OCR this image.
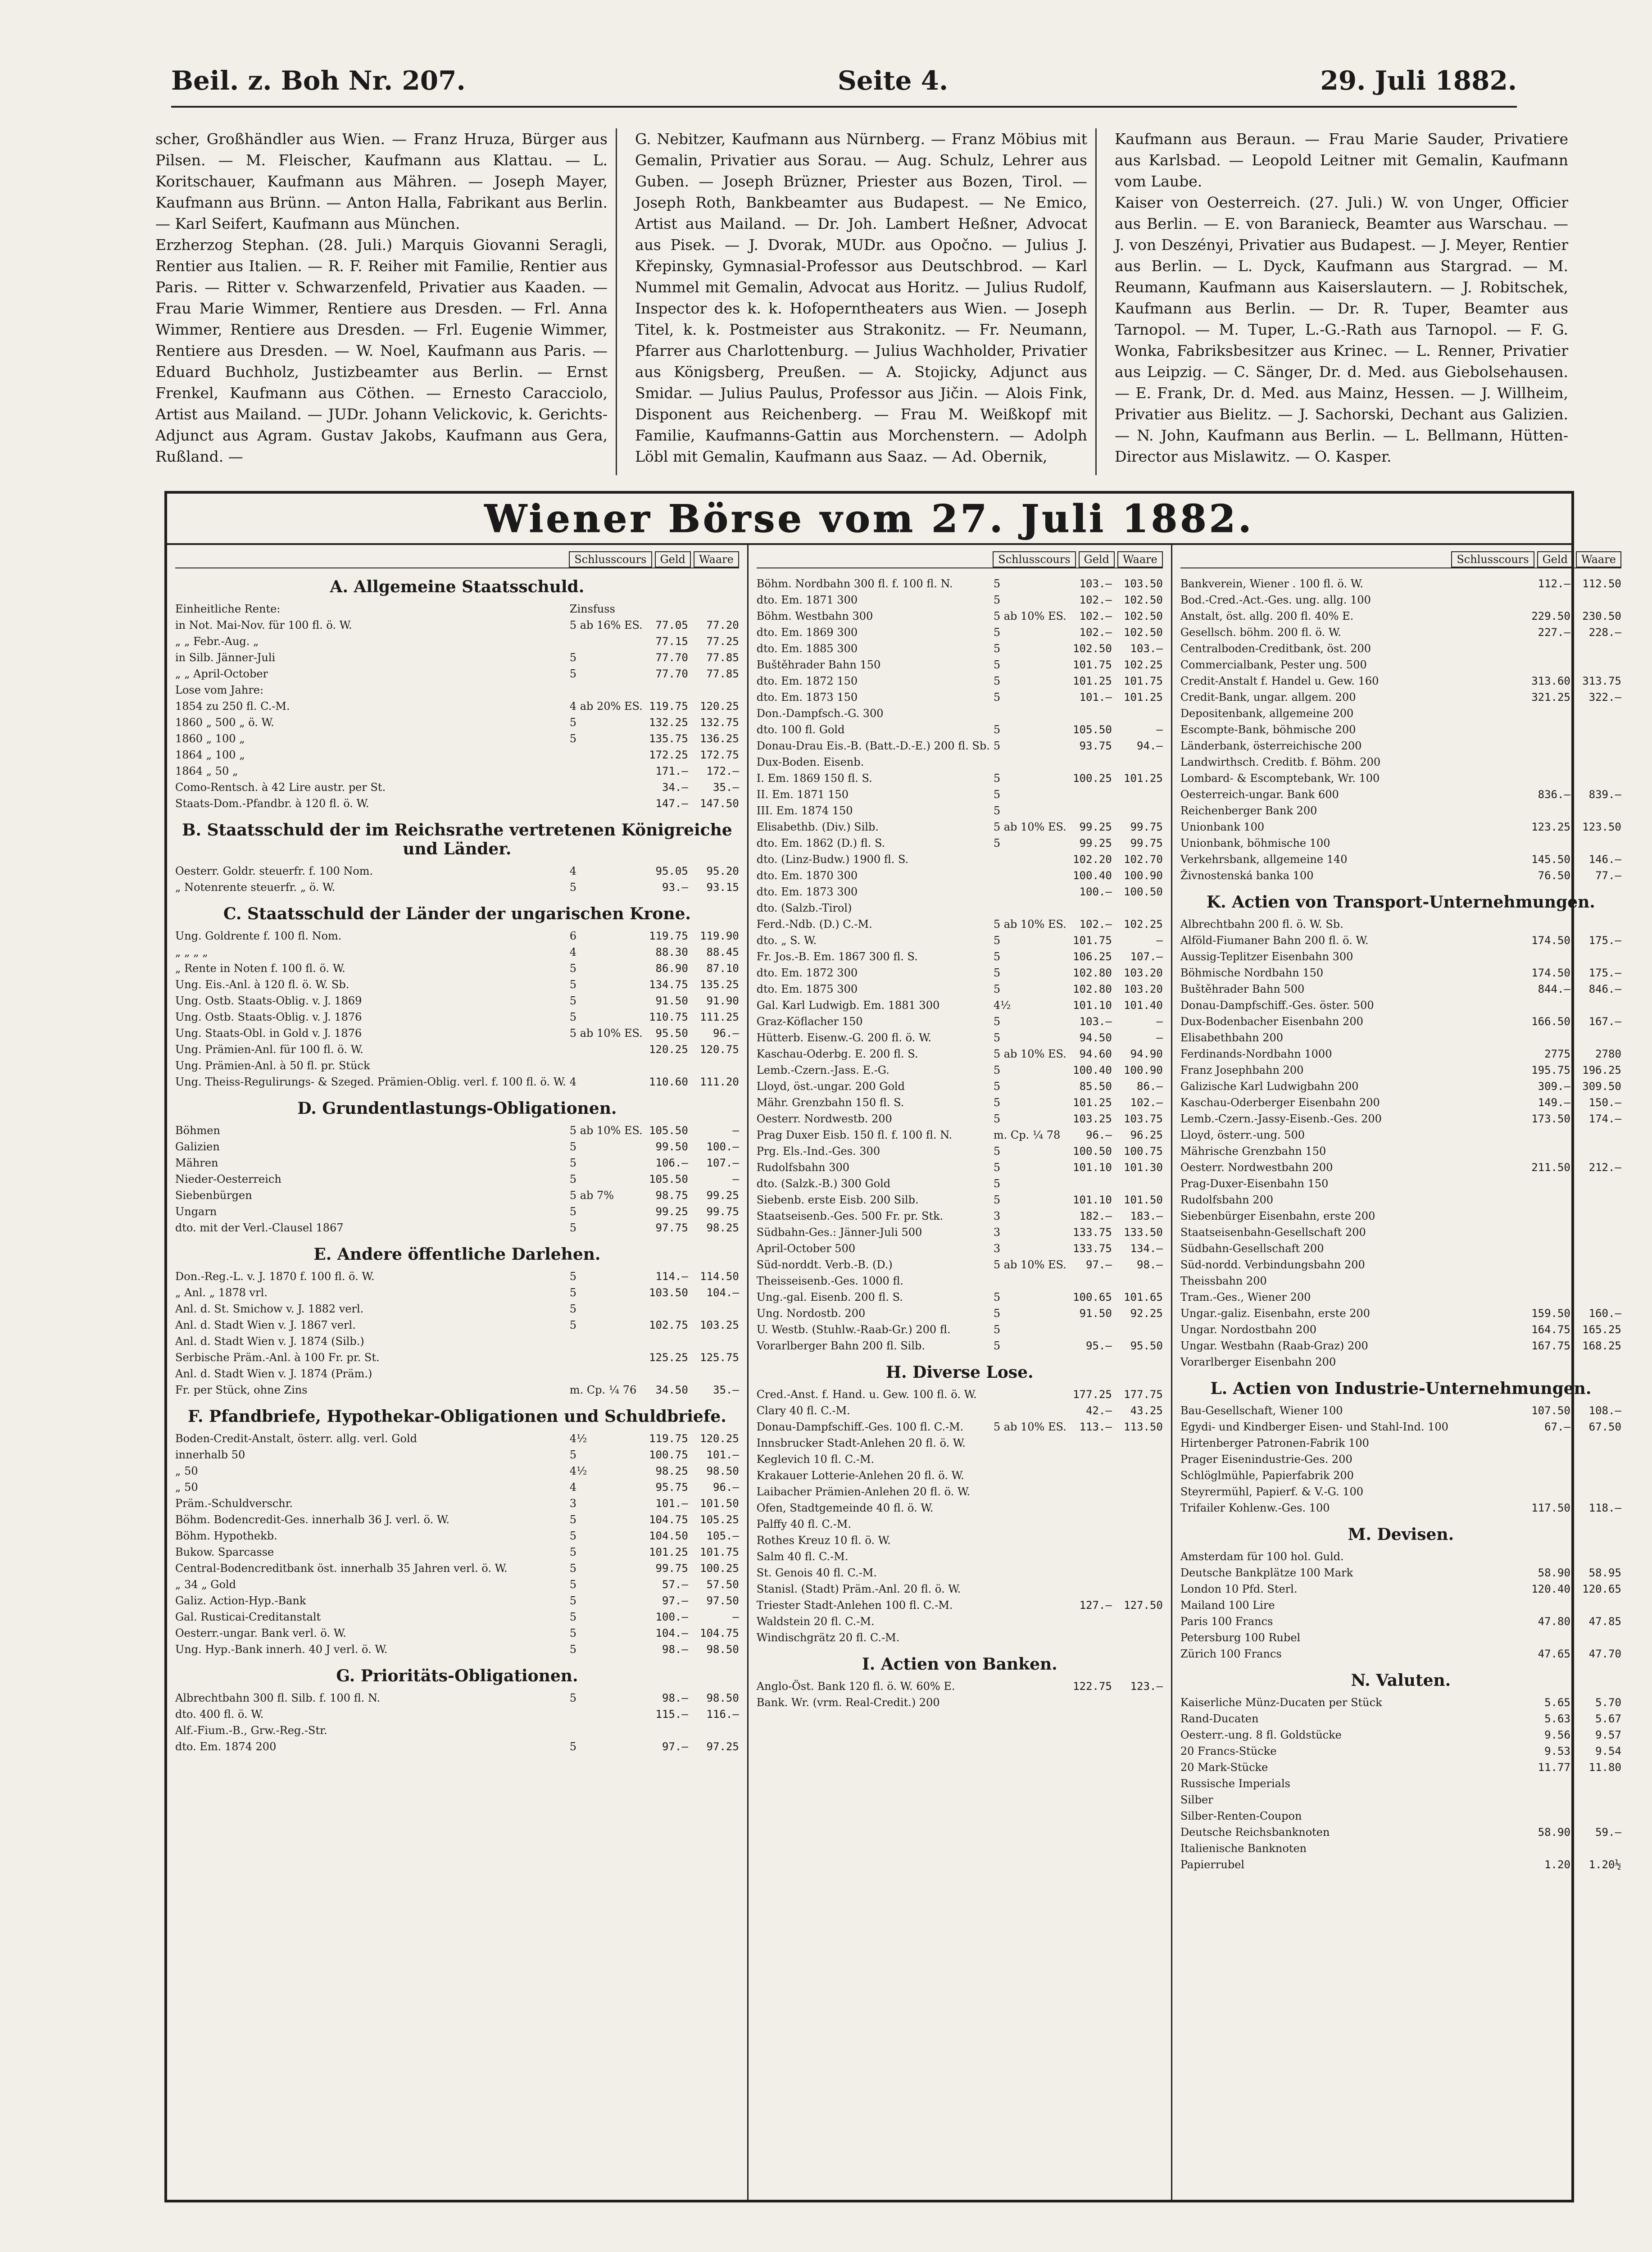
Beil. z. Boh Nr. 207.	Seite 4.	29. Juli 1882.

scher, Großhändler aus Wien. — Franz Hruza, Bürger aus Pilsen. — M. Fleischer, Kaufmann aus Klattau. — L. Koritschauer, Kaufmann aus Mähren. — Joseph Mayer, Kaufmann aus Brünn. — Anton Halla, Fabrikant aus Berlin. — Karl Seifert, Kaufmann aus München.

Erzherzog Stephan. (28. Juli.) Marquis Giovanni Seragli, Rentier aus Italien. — R. F. Reiher mit Familie, Rentier aus Paris. — Ritter v. Schwarzenfeld, Privatier aus Kaaden. — Frau Marie Wimmer, Rentiere aus Dresden. — Frl. Anna Wimmer, Rentiere aus Dresden. — Frl. Eugenie Wimmer, Rentiere aus Dresden. — W. Noel, Kaufmann aus Paris. — Eduard Buchholz, Justizbeamter aus Berlin. — Ernst Frenkel, Kaufmann aus Cöthen. — Ernesto Caracciolo, Artist aus Mailand. — JUDr. Johann Velickovic, k. Gerichts-Adjunct aus Agram. Gustav Jakobs, Kaufmann aus Gera, Rußland. —

G. Nebitzer, Kaufmann aus Nürnberg. — Franz Möbius mit Gemalin, Privatier aus Sorau. — Aug. Schulz, Lehrer aus Guben. — Joseph Brüzner, Priester aus Bozen, Tirol. — Joseph Roth, Bankbeamter aus Budapest. — Ne Emico, Artist aus Mailand. — Dr. Joh. Lambert Heßner, Advocat aus Pisek. — J. Dvorak, MUDr. aus Opočno. — Julius J. Křepinsky, Gymnasial-Professor aus Deutschbrod. — Karl Nummel mit Gemalin, Advocat aus Horitz. — Julius Rudolf, Inspector des k. k. Hofoperntheaters aus Wien. — Joseph Titel, k. k. Postmeister aus Strakonitz. — Fr. Neumann, Pfarrer aus Charlottenburg. — Julius Wachholder, Privatier aus Königsberg, Preußen. — A. Stojicky, Adjunct aus Smidar. — Julius Paulus, Professor aus Jičin. — Alois Fink, Disponent aus Reichenberg. — Frau M. Weißkopf mit Familie, Kaufmanns-Gattin aus Morchenstern. — Adolph Löbl mit Gemalin, Kaufmann aus Saaz. — Ad. Obernik,

Kaufmann aus Beraun. — Frau Marie Sauder, Privatiere aus Karlsbad. — Leopold Leitner mit Gemalin, Kaufmann vom Laube.

Kaiser von Oesterreich. (27. Juli.) W. von Unger, Officier aus Berlin. — E. von Baranieck, Beamter aus Warschau. — J. von Deszényi, Privatier aus Budapest. — J. Meyer, Rentier aus Berlin. — L. Dyck, Kaufmann aus Stargrad. — M. Reumann, Kaufmann aus Kaiserslautern. — J. Robitschek, Kaufmann aus Berlin. — Dr. R. Tuper, Beamter aus Tarnopol. — M. Tuper, L.-G.-Rath aus Tarnopol. — F. G. Wonka, Fabriksbesitzer aus Krinec. — L. Renner, Privatier aus Leipzig. — C. Sänger, Dr. d. Med. aus Giebolsehausen. — E. Frank, Dr. d. Med. aus Mainz, Hessen. — J. Willheim, Privatier aus Bielitz. — J. Sachorski, Dechant aus Galizien. — N. John, Kaufmann aus Berlin. — L. Bellmann, Hütten-Director aus Mislawitz. — O. Kasper.

Wiener Börse vom 27. Juli 1882.
Schlusscours	Geld	Waare
A. Allgemeine Staatsschuld.
Einheitliche Rente:	Zinsfuss
in Not. Mai-Nov. für 100 fl. ö. W.	5 ab 16% ES.	77.05	77.20
„ „ Febr.-Aug. „	77.15	77.25
in Silb. Jänner-Juli	5	77.70	77.85
„ „ April-October	5	77.70	77.85
Lose vom Jahre:
1854 zu 250 fl. C.-M.	4 ab 20% ES. 119.75	120.25
1860 „ 500 „ ö. W.	5	132.25	132.75
1860 „ 100 „	5	135.75	136.25
1864 „ 100 „	172.25	172.75
1864 „ 50 „	171.—	172.—
Como-Rentsch. à 42 Lire austr. per St.	34.—	35.—
Staats-Dom.-Pfandbr. à 120 fl. ö. W.	147.—	147.50
B. Staatsschuld der im Reichsrathe vertretenen Königreiche und Länder.
Oesterr. Goldr. steuerfr. f. 100 Nom.	4	95.05	95.20
„ Notenrente steuerfr. „ ö. W.	5	93.—	93.15
C. Staatsschuld der Länder der ungarischen Krone.
Ung. Goldrente f. 100 fl. Nom.	6	119.75	119.90
„ „ „ „	4	88.30	88.45
„ Rente in Noten f. 100 fl. ö. W.	5	86.90	87.10
Ung. Eis.-Anl. à 120 fl. ö. W. Sb.	5	134.75	135.25
Ung. Ostb. Staats-Oblig. v. J. 1869	5	91.50	91.90
Ung. Ostb. Staats-Oblig. v. J. 1876	5	110.75	111.25
Ung. Staats-Obl. in Gold v. J. 1876	5 ab 10% ES.	95.50	96.—
Ung. Prämien-Anl. für 100 fl. ö. W.	120.25	120.75
Ung. Prämien-Anl. à 50 fl. pr. Stück
Ung. Theiss-Regulirungs- & Szeged. Prämien-Oblig. verl. f. 100 fl. ö. W. 4	110.60	111.20
D. Grundentlastungs-Obligationen.
Böhmen	5 ab 10% ES. 105.50	—
Galizien	5	99.50	100.—
Mähren	5	106.—	107.—
Nieder-Oesterreich	5	105.50	—
Siebenbürgen	5 ab 7%	98.75	99.25
Ungarn	5	99.25	99.75
dto. mit der Verl.-Clausel 1867	5	97.75	98.25
E. Andere öffentliche Darlehen.
Don.-Reg.-L. v. J. 1870 f. 100 fl. ö. W.	5	114.—	114.50
„ Anl. „ 1878 vrl.	5	103.50	104.—
Anl. d. St. Smichow v. J. 1882 verl.	5
Anl. d. Stadt Wien v. J. 1867 verl.	5	102.75	103.25
Anl. d. Stadt Wien v. J. 1874 (Silb.)
Serbische Präm.-Anl. à 100 Fr. pr. St.	125.25	125.75
Anl. d. Stadt Wien v. J. 1874 (Präm.)
Fr. per Stück, ohne Zins	m. Cp. ¼ 76	34.50	35.—
F. Pfandbriefe, Hypothekar-Obligationen und Schuldbriefe.
Boden-Credit-Anstalt, österr. allg. verl. Gold	4½	119.75	120.25
innerhalb 50	5	100.75	101.—
„ 50	4½	98.25	98.50
„ 50	4	95.75	96.—
Präm.-Schuldverschr.	3	101.—	101.50
Böhm. Bodencredit-Ges. innerhalb 36 J. verl. ö. W.	5	104.75	105.25
Böhm. Hypothekb.	5	104.50	105.—
Bukow. Sparcasse	5	101.25	101.75
Central-Bodencreditbank öst. innerhalb 35 Jahren verl. ö. W.	5	99.75	100.25
„ 34 „ Gold	5	57.—	57.50
Galiz. Action-Hyp.-Bank	5	97.—	97.50
Gal. Rusticai-Creditanstalt	5	100.—	—
Oesterr.-ungar. Bank verl. ö. W.	5	104.—	104.75
Ung. Hyp.-Bank innerh. 40 J verl. ö. W.	5	98.—	98.50
G. Prioritäts-Obligationen.
Albrechtbahn 300 fl. Silb. f. 100 fl. N.	5	98.—	98.50
dto. 400 fl. ö. W.	115.—	116.—
Alf.-Fium.-B., Grw.-Reg.-Str.
dto. Em. 1874 200	5	97.—	97.25
Schlusscours	Geld	Waare
Böhm. Nordbahn 300 fl. f. 100 fl. N.	5	103.—	103.50
dto. Em. 1871 300	5	102.—	102.50
Böhm. Westbahn 300	5 ab 10% ES.	102.—	102.50
dto. Em. 1869 300	5	102.—	102.50
dto. Em. 1885 300	5	102.50	103.—
Buštěhrader Bahn 150	5	101.75	102.25
dto. Em. 1872 150	5	101.25	101.75
dto. Em. 1873 150	5	101.—	101.25
Don.-Dampfsch.-G. 300
dto. 100 fl. Gold	5	105.50	—
Donau-Drau Eis.-B. (Batt.-D.-E.) 200 fl. Sb. 5	93.75	94.—
Dux-Boden. Eisenb.
I. Em. 1869 150 fl. S.	5	100.25	101.25
II. Em. 1871 150	5
III. Em. 1874 150	5
Elisabethb. (Div.) Silb.	5 ab 10% ES.	99.25	99.75
dto. Em. 1862 (D.) fl. S.	5	99.25	99.75
dto. (Linz-Budw.) 1900 fl. S.	102.20	102.70
dto. Em. 1870 300	100.40	100.90
dto. Em. 1873 300	100.—	100.50
dto. (Salzb.-Tirol)
Ferd.-Ndb. (D.) C.-M.	5 ab 10% ES.	102.—	102.25
dto. „ S. W.	5	101.75	—
Fr. Jos.-B. Em. 1867 300 fl. S.	5	106.25	107.—
dto. Em. 1872 300	5	102.80	103.20
dto. Em. 1875 300	5	102.80	103.20
Gal. Karl Ludwigb. Em. 1881 300	4½	101.10	101.40
Graz-Köflacher 150	5	103.—	—
Hütterb. Eisenw.-G. 200 fl. ö. W.	5	94.50	—
Kaschau-Oderbg. E. 200 fl. S.	5 ab 10% ES.	94.60	94.90
Lemb.-Czern.-Jass. E.-G.	5	100.40	100.90
Lloyd, öst.-ungar. 200 Gold	5	85.50	86.—
Mähr. Grenzbahn 150 fl. S.	5	101.25	102.—
Oesterr. Nordwestb. 200	5	103.25	103.75
Prag Duxer Eisb. 150 fl. f. 100 fl. N.	m. Cp. ¼ 78	96.—	96.25
Prg. Els.-Ind.-Ges. 300	5	100.50	100.75
Rudolfsbahn 300	5	101.10	101.30
dto. (Salzk.-B.) 300 Gold	5
Siebenb. erste Eisb. 200 Silb.	5	101.10	101.50
Staatseisenb.-Ges. 500 Fr. pr. Stk.	3	182.—	183.—
Südbahn-Ges.: Jänner-Juli 500	3	133.75	133.50
April-October 500	3	133.75	134.—
Süd-norddt. Verb.-B. (D.)	5 ab 10% ES.	97.—	98.—
Theisseisenb.-Ges. 1000 fl.
Ung.-gal. Eisenb. 200 fl. S.	5	100.65	101.65
Ung. Nordostb. 200	5	91.50	92.25
U. Westb. (Stuhlw.-Raab-Gr.) 200 fl.	5
Vorarlberger Bahn 200 fl. Silb.	5	95.—	95.50
H. Diverse Lose.
Cred.-Anst. f. Hand. u. Gew. 100 fl. ö. W.	177.25	177.75
Clary 40 fl. C.-M.	42.—	43.25
Donau-Dampfschiff.-Ges. 100 fl. C.-M.	5 ab 10% ES.	113.—	113.50
Innsbrucker Stadt-Anlehen 20 fl. ö. W.
Keglevich 10 fl. C.-M.
Krakauer Lotterie-Anlehen 20 fl. ö. W.
Laibacher Prämien-Anlehen 20 fl. ö. W.
Ofen, Stadtgemeinde 40 fl. ö. W.
Palffy 40 fl. C.-M.
Rothes Kreuz 10 fl. ö. W.
Salm 40 fl. C.-M.
St. Genois 40 fl. C.-M.
Stanisl. (Stadt) Präm.-Anl. 20 fl. ö. W.
Triester Stadt-Anlehen 100 fl. C.-M.	127.—	127.50
Waldstein 20 fl. C.-M.
Windischgrätz 20 fl. C.-M.
I. Actien von Banken.
Anglo-Öst. Bank 120 fl. ö. W. 60% E.	122.75	123.—
Bank. Wr. (vrm. Real-Credit.) 200
Schlusscours	Geld	Waare
Bankverein, Wiener . 100 fl. ö. W.	112.—	112.50
Bod.-Cred.-Act.-Ges. ung. allg. 100
Anstalt, öst. allg. 200 fl. 40% E.	229.50	230.50
Gesellsch. böhm. 200 fl. ö. W.	227.—	228.—
Centralboden-Creditbank, öst. 200
Commercialbank, Pester ung. 500
Credit-Anstalt f. Handel u. Gew. 160	313.60	313.75
Credit-Bank, ungar. allgem. 200	321.25	322.—
Depositenbank, allgemeine 200
Escompte-Bank, böhmische 200
Länderbank, österreichische 200
Landwirthsch. Creditb. f. Böhm. 200
Lombard- & Escomptebank, Wr. 100
Oesterreich-ungar. Bank 600	836.—	839.—
Reichenberger Bank 200
Unionbank 100	123.25	123.50
Unionbank, böhmische 100
Verkehrsbank, allgemeine 140	145.50	146.—
Živnostenská banka 100	76.50	77.—
K. Actien von Transport-Unternehmungen.
Albrechtbahn 200 fl. ö. W. Sb.
Alföld-Fiumaner Bahn 200 fl. ö. W.	174.50	175.—
Aussig-Teplitzer Eisenbahn 300
Böhmische Nordbahn 150	174.50	175.—
Buštěhrader Bahn 500	844.—	846.—
Donau-Dampfschiff.-Ges. öster. 500
Dux-Bodenbacher Eisenbahn 200	166.50	167.—
Elisabethbahn 200
Ferdinands-Nordbahn 1000	2775	2780
Franz Josephbahn 200	195.75	196.25
Galizische Karl Ludwigbahn 200	309.—	309.50
Kaschau-Oderberger Eisenbahn 200	149.—	150.—
Lemb.-Czern.-Jassy-Eisenb.-Ges. 200	173.50	174.—
Lloyd, österr.-ung. 500
Mährische Grenzbahn 150
Oesterr. Nordwestbahn 200	211.50	212.—
Prag-Duxer-Eisenbahn 150
Rudolfsbahn 200
Siebenbürger Eisenbahn, erste 200
Staatseisenbahn-Gesellschaft 200
Südbahn-Gesellschaft 200
Süd-nordd. Verbindungsbahn 200
Theissbahn 200
Tram.-Ges., Wiener 200
Ungar.-galiz. Eisenbahn, erste 200	159.50	160.—
Ungar. Nordostbahn 200	164.75	165.25
Ungar. Westbahn (Raab-Graz) 200	167.75	168.25
Vorarlberger Eisenbahn 200
L. Actien von Industrie-Unternehmungen.
Bau-Gesellschaft, Wiener 100	107.50	108.—
Egydi- und Kindberger Eisen- und Stahl-Ind. 100	67.—	67.50
Hirtenberger Patronen-Fabrik 100
Prager Eisenindustrie-Ges. 200
Schlöglmühle, Papierfabrik 200
Steyrermühl, Papierf. & V.-G. 100
Trifailer Kohlenw.-Ges. 100	117.50	118.—
M. Devisen.
Amsterdam für 100 hol. Guld.
Deutsche Bankplätze 100 Mark	58.90	58.95
London 10 Pfd. Sterl.	120.40	120.65
Mailand 100 Lire
Paris 100 Francs	47.80	47.85
Petersburg 100 Rubel
Zürich 100 Francs	47.65	47.70
N. Valuten.
Kaiserliche Münz-Ducaten per Stück	5.65	5.70
Rand-Ducaten	5.63	5.67
Oesterr.-ung. 8 fl. Goldstücke	9.56	9.57
20 Francs-Stücke	9.53	9.54
20 Mark-Stücke	11.77	11.80
Russische Imperials
Silber
Silber-Renten-Coupon
Deutsche Reichsbanknoten	58.90	59.—
Italienische Banknoten
Papierrubel	1.20	1.20½
